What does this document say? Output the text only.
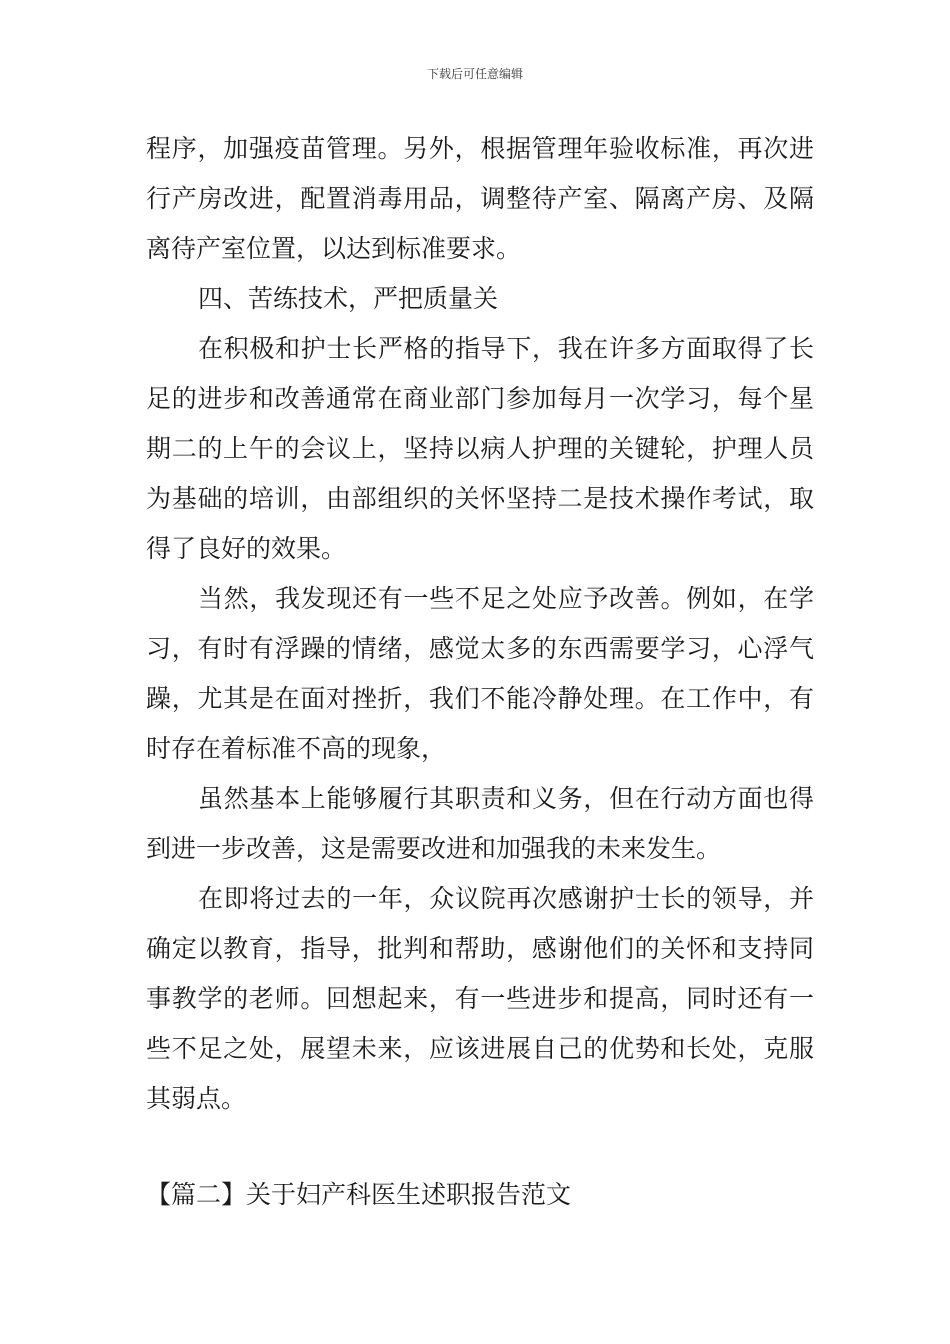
下载后可任意编辑

程序，加强疫苗管理。另外，根据管理年验收标准，再次进行产房改进，配置消毒用品，调整待产室、隔离产房、及隔离待产室位置，以达到标准要求。

四、苦练技术，严把质量关

在积极和护士长严格的指导下，我在许多方面取得了长足的进步和改善通常在商业部门参加每月一次学习，每个星期二的上午的会议上，坚持以病人护理的关键轮，护理人员为基础的培训，由部组织的关怀坚持二是技术操作考试，取得了良好的效果。

当然，我发现还有一些不足之处应予改善。例如，在学习，有时有浮躁的情绪，感觉太多的东西需要学习，心浮气躁，尤其是在面对挫折，我们不能冷静处理。在工作中，有时存在着标准不高的现象，

虽然基本上能够履行其职责和义务，但在行动方面也得到进一步改善，这是需要改进和加强我的未来发生。

在即将过去的一年，众议院再次感谢护士长的领导，并确定以教育，指导，批判和帮助，感谢他们的关怀和支持同事教学的老师。回想起来，有一些进步和提高，同时还有一些不足之处，展望未来，应该进展自己的优势和长处，克服其弱点。

【篇二】关于妇产科医生述职报告范文
